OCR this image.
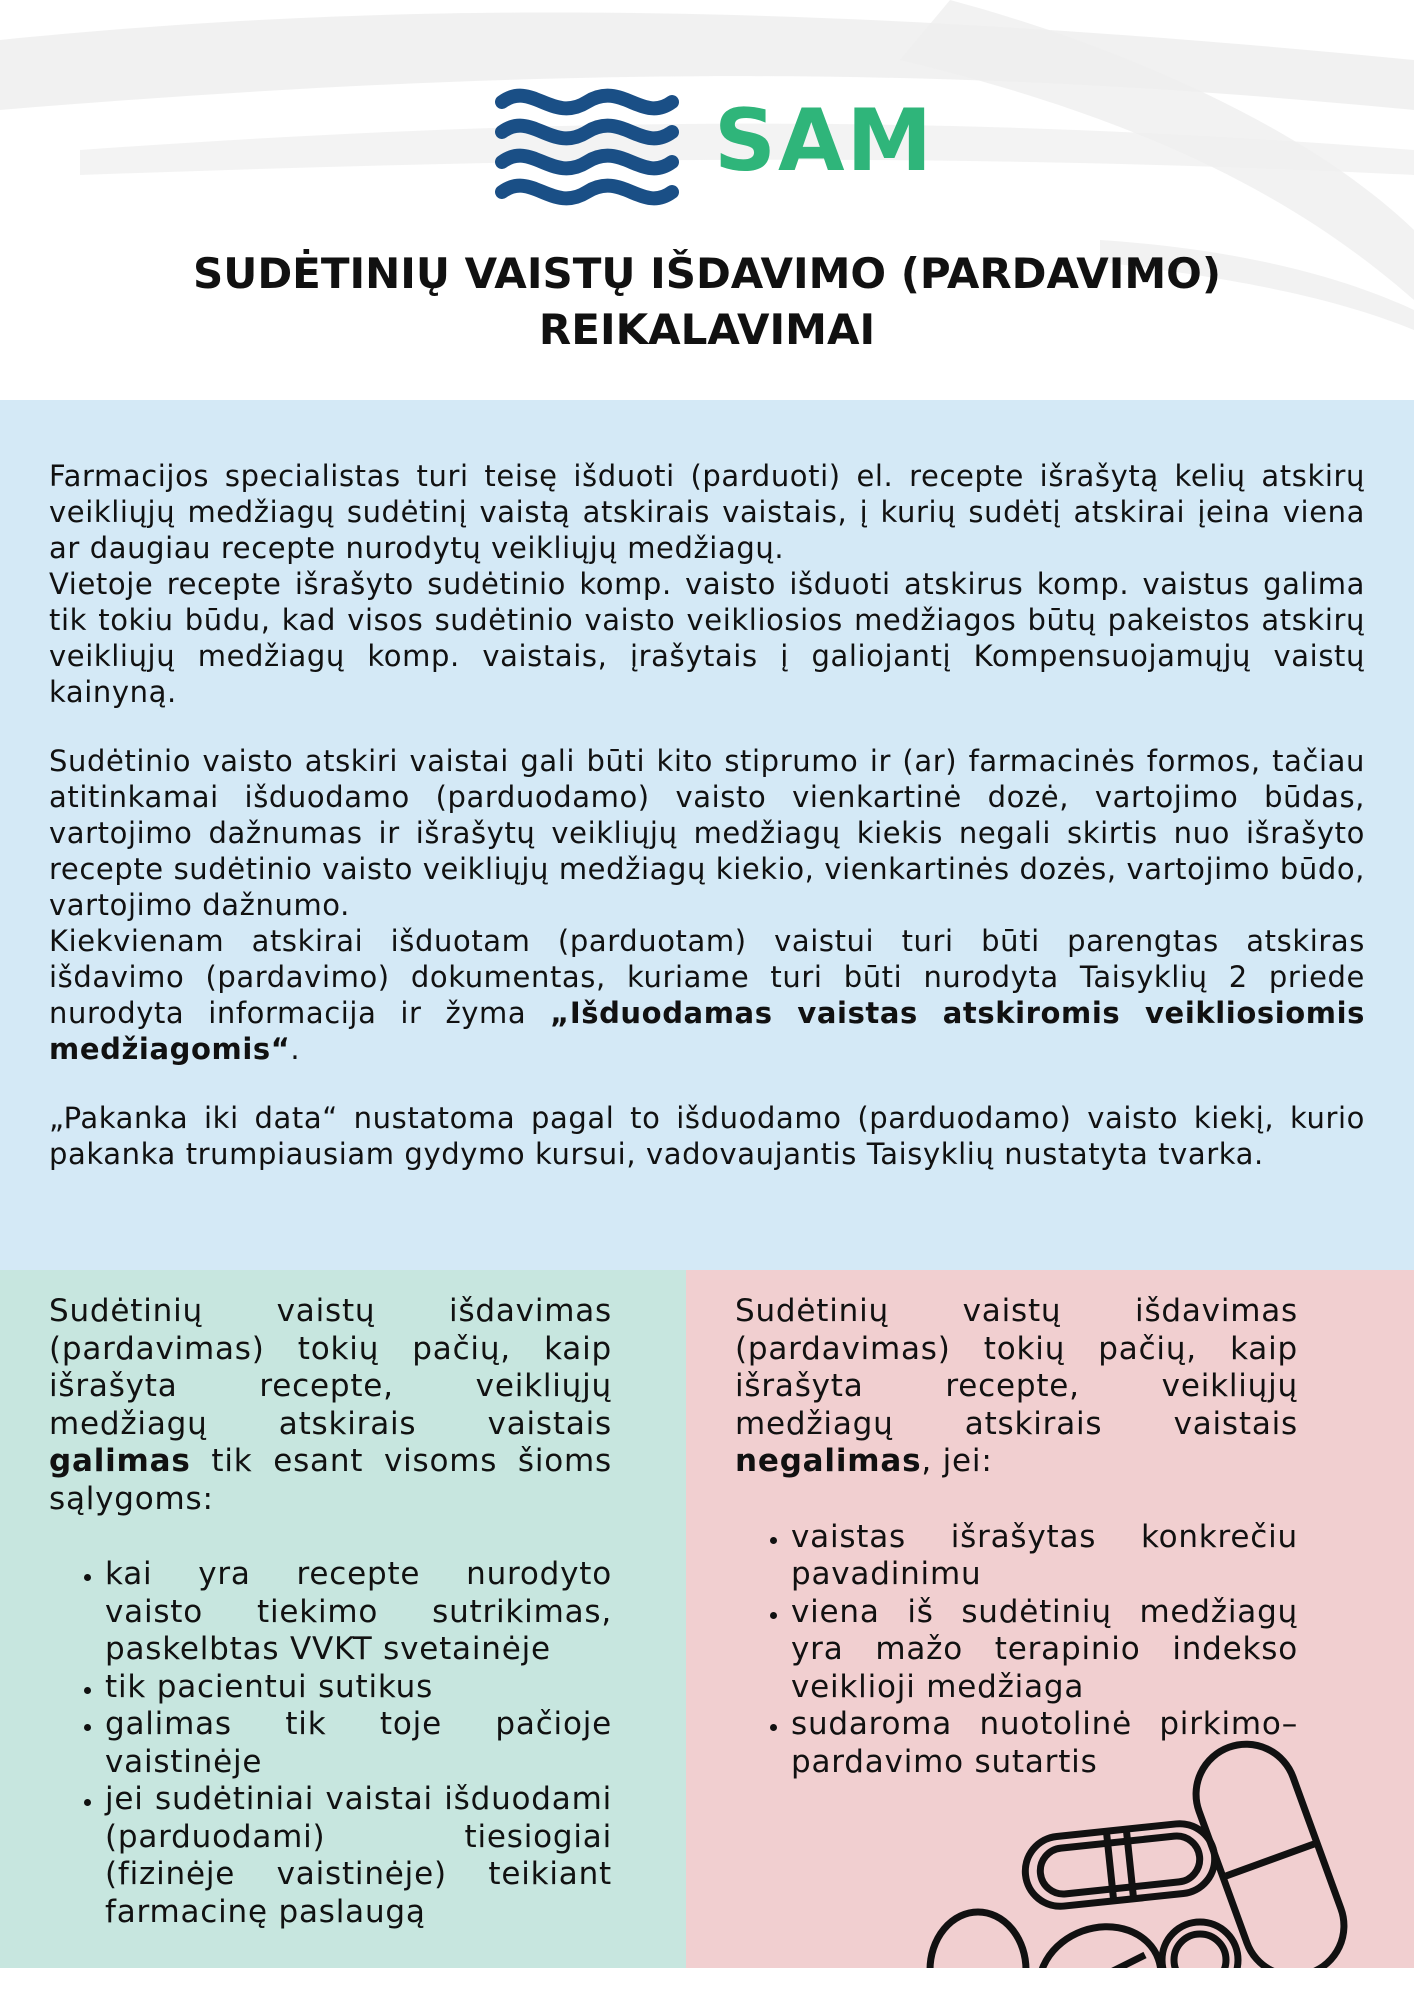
SAM
SUDĖTINIŲ VAISTŲ IŠDAVIMO (PARDAVIMO)
REIKALAVIMAI

Farmacijos specialistas turi teisę išduoti (parduoti) el. recepte išrašytą kelių atskirų veikliųjų medžiagų sudėtinį vaistą atskirais vaistais, į kurių sudėtį atskirai įeina viena ar daugiau recepte nurodytų veikliųjų medžiagų.

Vietoje recepte išrašyto sudėtinio komp. vaisto išduoti atskirus komp. vaistus galima tik tokiu būdu, kad visos sudėtinio vaisto veikliosios medžiagos būtų pakeistos atskirų veikliųjų medžiagų komp. vaistais, įrašytais į galiojantį Kompensuojamųjų vaistų kainyną.

Sudėtinio vaisto atskiri vaistai gali būti kito stiprumo ir (ar) farmacinės formos, tačiau atitinkamai išduodamo (parduodamo) vaisto vienkartinė dozė, vartojimo būdas, vartojimo dažnumas ir išrašytų veikliųjų medžiagų kiekis negali skirtis nuo išrašyto recepte sudėtinio vaisto veikliųjų medžiagų kiekio, vienkartinės dozės, vartojimo būdo, vartojimo dažnumo.

Kiekvienam atskirai išduotam (parduotam) vaistui turi būti parengtas atskiras išdavimo (pardavimo) dokumentas, kuriame turi būti nurodyta Taisyklių 2 priede nurodyta informacija ir žyma „Išduodamas vaistas atskiromis veikliosiomis medžiagomis“.

„Pakanka iki data“ nustatoma pagal to išduodamo (parduodamo) vaisto kiekį, kurio pakanka trumpiausiam gydymo kursui, vadovaujantis Taisyklių nustatyta tvarka.

Sudėtinių vaistų išdavimas (pardavimas) tokių pačių, kaip išrašyta recepte, veikliųjų medžiagų atskirais vaistais galimas tik esant visoms šioms sąlygoms:

• kai yra recepte nurodyto vaisto tiekimo sutrikimas, paskelbtas VVKT svetainėje
• tik pacientui sutikus
• galimas tik toje pačioje vaistinėje
• jei sudėtiniai vaistai išduodami (parduodami) tiesiogiai (fizinėje vaistinėje) teikiant farmacinę paslaugą

Sudėtinių vaistų išdavimas (pardavimas) tokių pačių, kaip išrašyta recepte, veikliųjų medžiagų atskirais vaistais negalimas, jei:

• vaistas išrašytas konkrečiu pavadinimu
• viena iš sudėtinių medžiagų yra mažo terapinio indekso veiklioji medžiaga
• sudaroma nuotolinė pirkimo–pardavimo sutartis
